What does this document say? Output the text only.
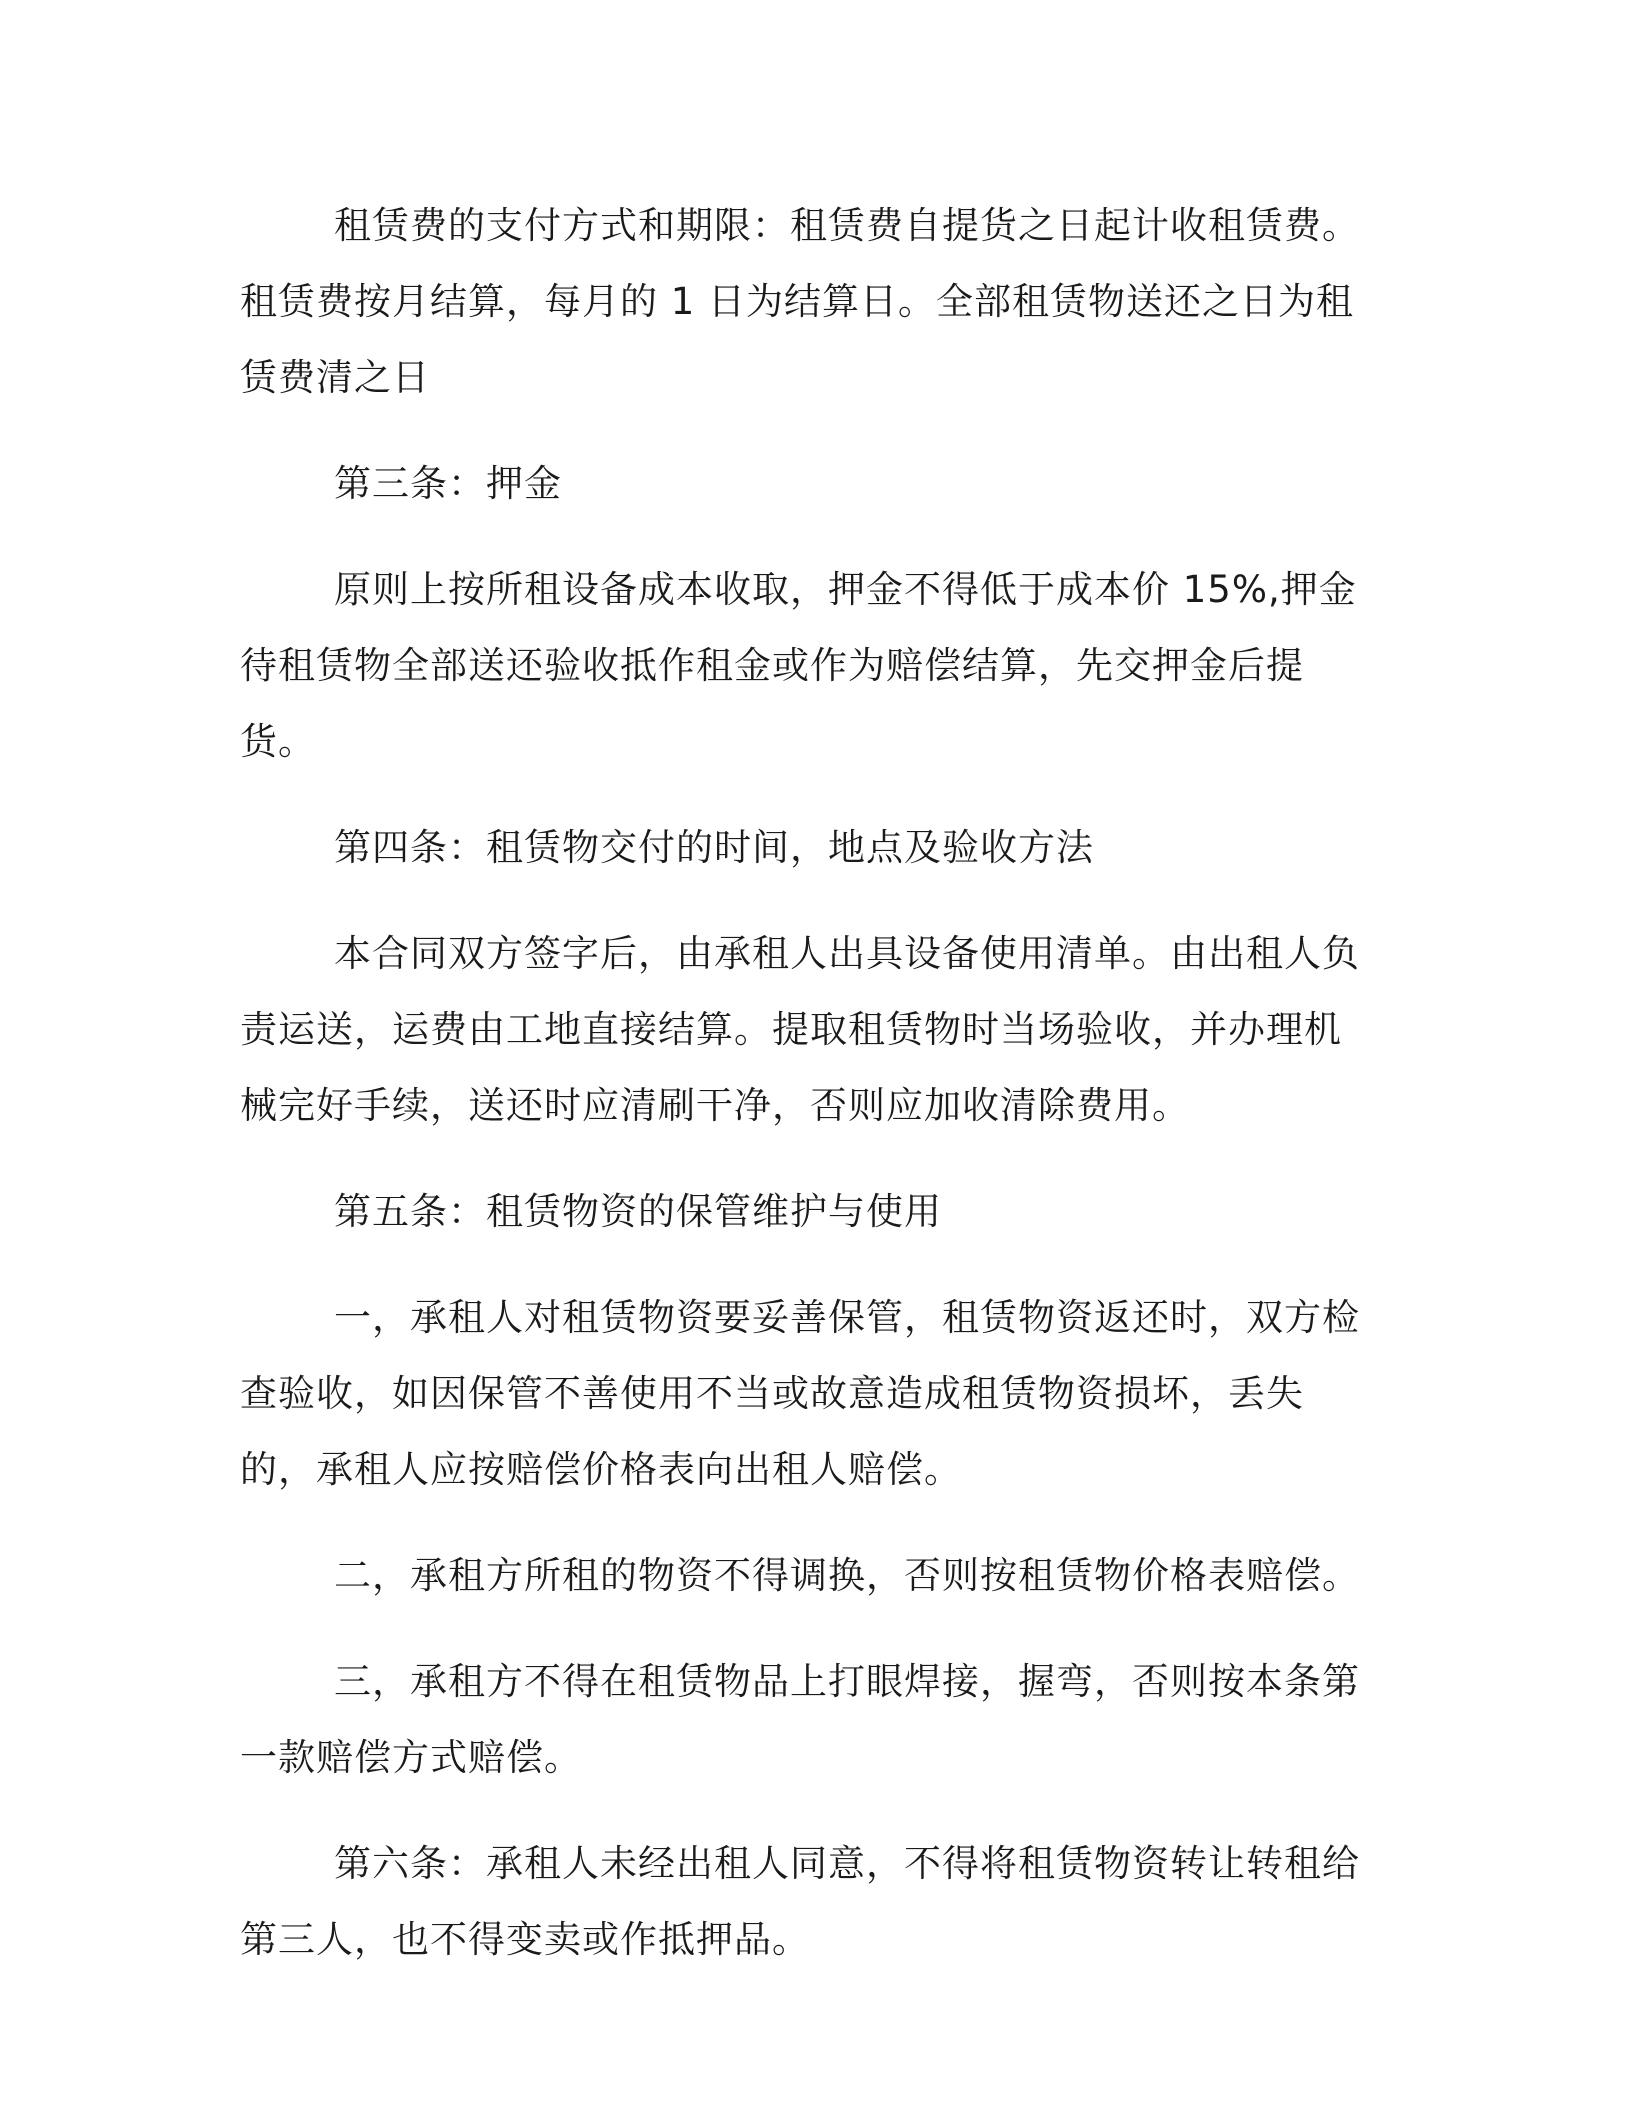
租赁费的支付方式和期限：租赁费自提货之日起计收租赁费。租赁费按月结算，每月的 1 日为结算日。全部租赁物送还之日为租赁费清之日

第三条：押金

原则上按所租设备成本收取，押金不得低于成本价 15%,押金待租赁物全部送还验收抵作租金或作为赔偿结算，先交押金后提货。

第四条：租赁物交付的时间，地点及验收方法

本合同双方签字后，由承租人出具设备使用清单。由出租人负责运送，运费由工地直接结算。提取租赁物时当场验收，并办理机械完好手续，送还时应清刷干净，否则应加收清除费用。

第五条：租赁物资的保管维护与使用

一，承租人对租赁物资要妥善保管，租赁物资返还时，双方检查验收，如因保管不善使用不当或故意造成租赁物资损坏，丢失的，承租人应按赔偿价格表向出租人赔偿。

二，承租方所租的物资不得调换，否则按租赁物价格表赔偿。

三，承租方不得在租赁物品上打眼焊接，握弯，否则按本条第一款赔偿方式赔偿。

第六条：承租人未经出租人同意，不得将租赁物资转让转租给第三人，也不得变卖或作抵押品。
